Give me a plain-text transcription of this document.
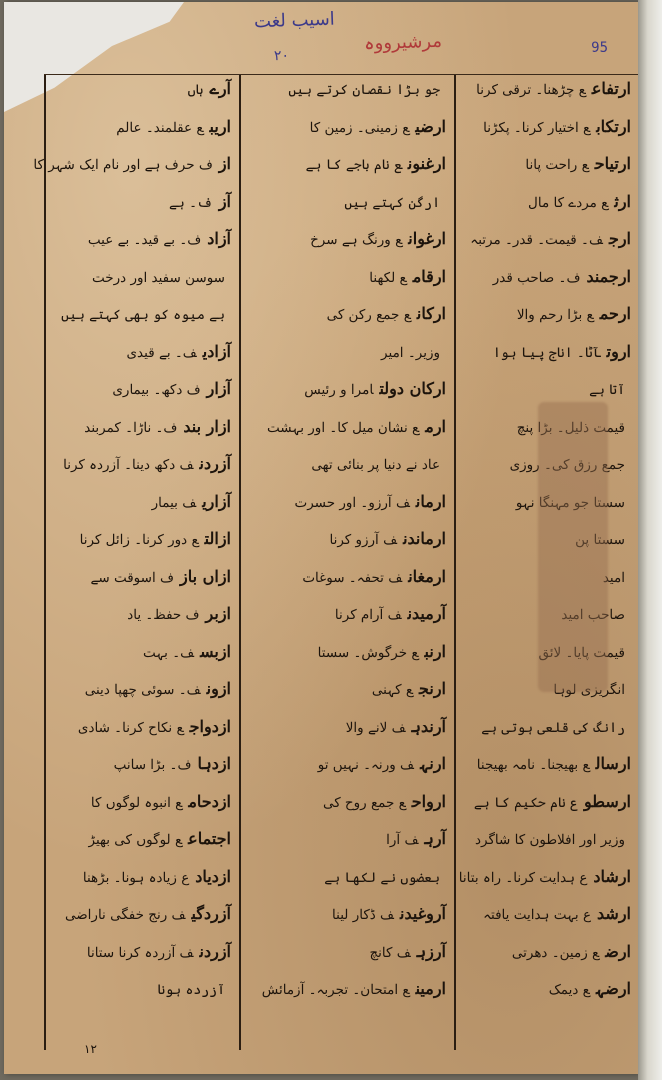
اسیب لغت
مرشیرووہ
۲۰	95
ارتفاعع چڑھنا۔ ترقی کرنا
ارتکابع اختیار کرنا۔ پکڑنا
ارتیاحع راحت پانا
ارثع مردے کا مال
ارجف۔ قیمت۔ قدر۔ مرتبہ
ارجمندف۔ صاحب قدر
ارحمع بڑا رحم والا
اروتآٹا۔ اناج پیا ہوا
آتا ہے
قیمت ذلیل۔ بڑا پنچ
جمع رزق کی۔ روزی
سستا جو مہنگا نہو
سستا پن
امید
صاحب امید
قیمت پایا۔ لائق
انگریزی لوہا
رانگ کی قلعی ہوتی ہے
ارسالع بھیجنا۔ نامہ بھیجنا
ارسطوع نام حکیم کا ہے
وزیر اور افلاطون کا شاگرد
ارشادع ہدایت کرنا۔ راہ بتانا
ارشدع بہت ہدایت یافتہ
ارضع زمین۔ دھرتی
ارضہع دیمک
جو بڑا نقصان کرتے ہیں
ارضیع زمینی۔ زمین کا
ارغنونع نام باجے کا ہے
ارگن کہتے ہیں
ارغوانع ورنگ ہے سرخ
ارقامع لکھنا
ارکانع جمع رکن کی
وزیر۔ امیر
ارکان دولتامرا و رئیس
ارمع نشان میل کا۔ اور بہشت
عاد نے دنیا پر بنائی تھی
ارمانف آرزو۔ اور حسرت
ارماندنف آرزو کرنا
ارمغانف تحفہ۔ سوغات
آرمیدنف آرام کرنا
ارنبع خرگوش۔ سستا
ارنجع کہنی
آرندہف لانے والا
ارنہف ورنہ۔ نہیں تو
ارواحع جمع روح کی
آرہف آرا
بعضوں نے لکھا ہے
آروغیدنف ڈکار لینا
آرزہف کانچ
ارمینع امتحان۔ تجربہ۔ آزمائش
آرےہاں
اریبع عقلمند۔ عالم
ازف حرف ہے اور نام ایک شہر کا
آزف۔ ہے
آزادف۔ بے قید۔ بے عیب
سوسن سفید اور درخت
بے میوہ کو بھی کہتے ہیں
آزادیف۔ بے قیدی
آزارف دکھ۔ بیماری
ازار بندف۔ ناڑا۔ کمربند
آزردنف دکھ دینا۔ آزردہ کرنا
آزاریف بیمار
ازالتع دور کرنا۔ زائل کرنا
ازاں بازف اسوقت سے
ازبرف حفظ۔ یاد
ازبسف۔ بہت
ازونف۔ سوئی چھپا دینی
ازدواجع نکاح کرنا۔ شادی
ازدہاف۔ بڑا سانپ
ازدحامع انبوہ لوگوں کا
اجتماعع لوگوں کی بھیڑ
ازدیادع زیادہ ہونا۔ بڑھنا
آزردگیف رنج خفگی ناراضی
آزردنف آزردہ کرنا ستانا
آزردہ ہونا
۱۲
